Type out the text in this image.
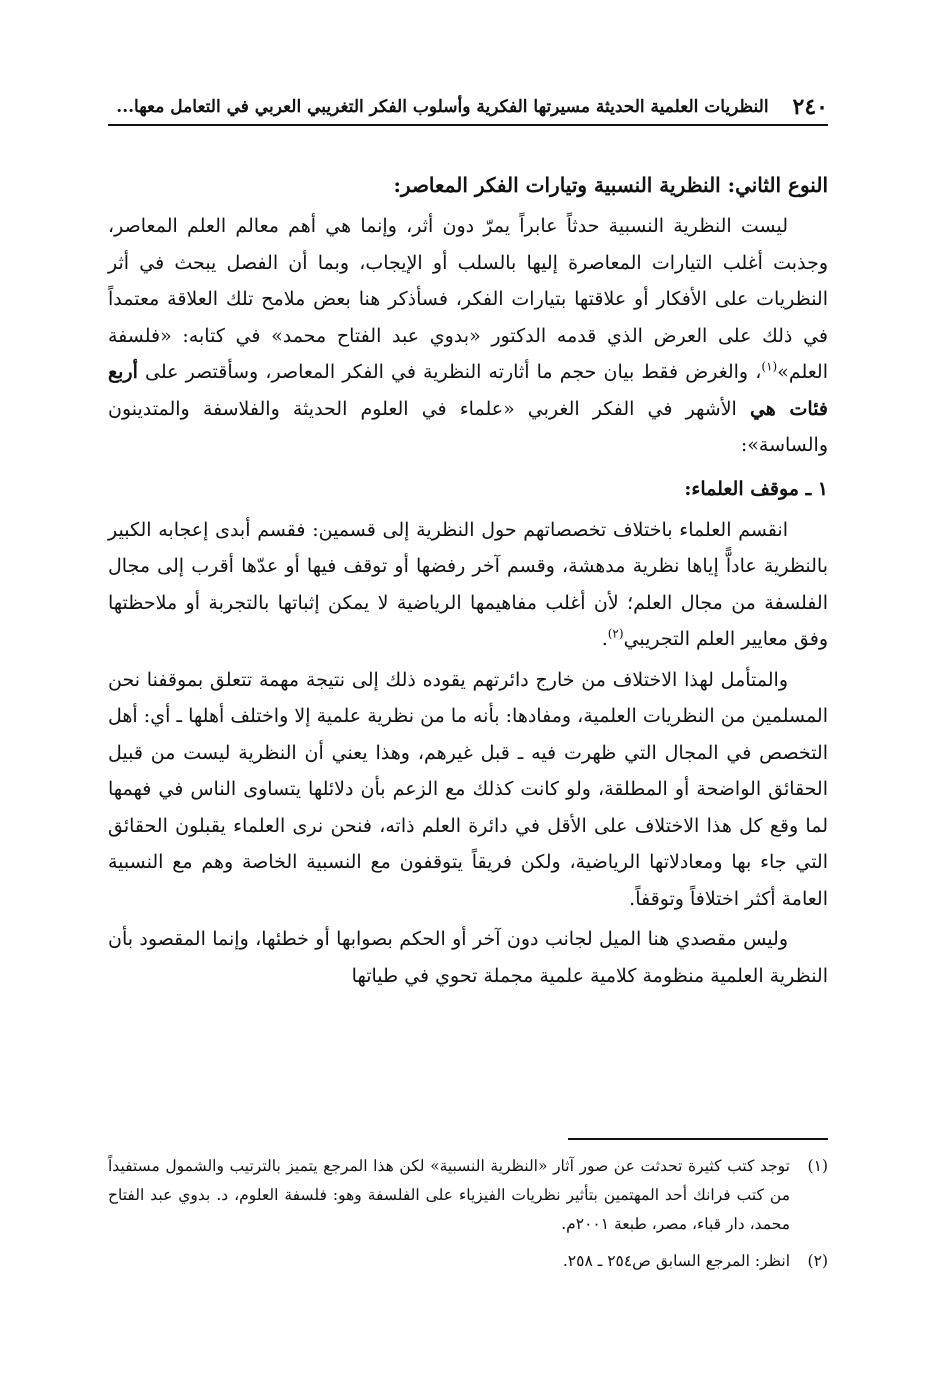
٢٤٠
النظريات العلمية الحديثة مسيرتها الفكرية وأسلوب الفكر التغريبي العربي في التعامل معها...
النوع الثاني: النظرية النسبية وتيارات الفكر المعاصر:

ليست النظرية النسبية حدثاً عابراً يمرّ دون أثر، وإنما هي أهم معالم العلم المعاصر، وجذبت أغلب التيارات المعاصرة إليها بالسلب أو الإيجاب، وبما أن الفصل يبحث في أثر النظريات على الأفكار أو علاقتها بتيارات الفكر، فسأذكر هنا بعض ملامح تلك العلاقة معتمداً في ذلك على العرض الذي قدمه الدكتور «بدوي عبد الفتاح محمد» في كتابه: «فلسفة العلم»$^{(١)}$، والغرض فقط بيان حجم ما أثارته النظرية في الفكر المعاصر، وسأقتصر على أربع فئات هي الأشهر في الفكر الغربي «علماء في العلوم الحديثة والفلاسفة والمتدينون والساسة»:

١ ـ موقف العلماء:

انقسم العلماء باختلاف تخصصاتهم حول النظرية إلى قسمين: فقسم أبدى إعجابه الكبير بالنظرية عاداًّ إياها نظرية مدهشة، وقسم آخر رفضها أو توقف فيها أو عدّها أقرب إلى مجال الفلسفة من مجال العلم؛ لأن أغلب مفاهيمها الرياضية لا يمكن إثباتها بالتجربة أو ملاحظتها وفق معايير العلم التجريبي$^{(٢)}$.

والمتأمل لهذا الاختلاف من خارج دائرتهم يقوده ذلك إلى نتيجة مهمة تتعلق بموقفنا نحن المسلمين من النظريات العلمية، ومفادها: بأنه ما من نظرية علمية إلا واختلف أهلها ـ أي: أهل التخصص في المجال التي ظهرت فيه ـ قبل غيرهم، وهذا يعني أن النظرية ليست من قبيل الحقائق الواضحة أو المطلقة، ولو كانت كذلك مع الزعم بأن دلائلها يتساوى الناس في فهمها لما وقع كل هذا الاختلاف على الأقل في دائرة العلم ذاته، فنحن نرى العلماء يقبلون الحقائق التي جاء بها ومعادلاتها الرياضية، ولكن فريقاً يتوقفون مع النسبية الخاصة وهم مع النسبية العامة أكثر اختلافاً وتوقفاً.

وليس مقصدي هنا الميل لجانب دون آخر أو الحكم بصوابها أو خطئها، وإنما المقصود بأن النظرية العلمية منظومة كلامية علمية مجملة تحوي في طياتها

(١)
توجد كتب كثيرة تحدثت عن صور آثار «النظرية النسبية» لكن هذا المرجع يتميز بالترتيب والشمول مستفيداً من كتب فرانك أحد المهتمين بتأثير نظريات الفيزياء على الفلسفة وهو: فلسفة العلوم، د. بدوي عبد الفتاح محمد، دار قباء، مصر، طبعة ٢٠٠١م.
(٢)
انظر: المرجع السابق ص٢٥٤ ـ ٢٥٨.
